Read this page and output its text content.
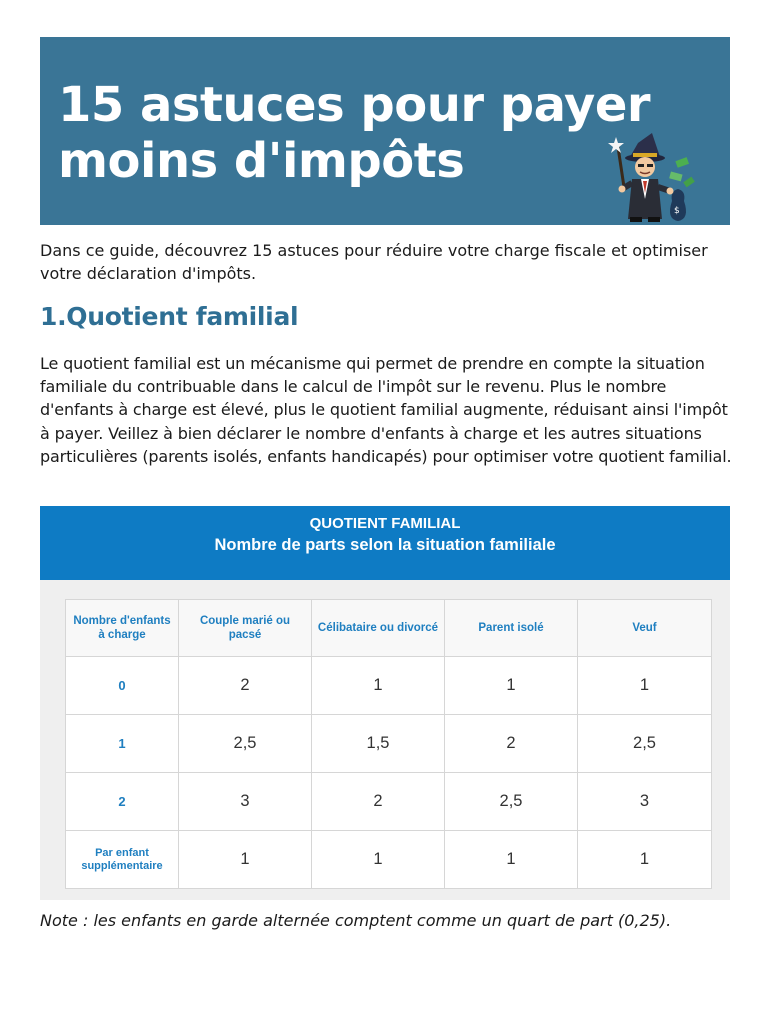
15 astuces pour payer
moins d'impôts
$

Dans ce guide, découvrez 15 astuces pour réduire votre charge fiscale et optimiser votre déclaration d'impôts.

1.Quotient familial

Le quotient familial est un mécanisme qui permet de prendre en compte la situation familiale du contribuable dans le calcul de l'impôt sur le revenu. Plus le nombre d'enfants à charge est élevé, plus le quotient familial augmente, réduisant ainsi l'impôt à payer. Veillez à bien déclarer le nombre d'enfants à charge et les autres situations particulières (parents isolés, enfants handicapés) pour optimiser votre quotient familial.

QUOTIENT FAMILIAL
Nombre de parts selon la situation familiale
Nombre d'enfants à charge	Couple marié ou pacsé	Célibataire ou divorcé	Parent isolé	Veuf
0	2	1	1	1
1	2,5	1,5	2	2,5
2	3	2	2,5	3
Par enfant supplémentaire	1	1	1	1

Note : les enfants en garde alternée comptent comme un quart de part (0,25).
